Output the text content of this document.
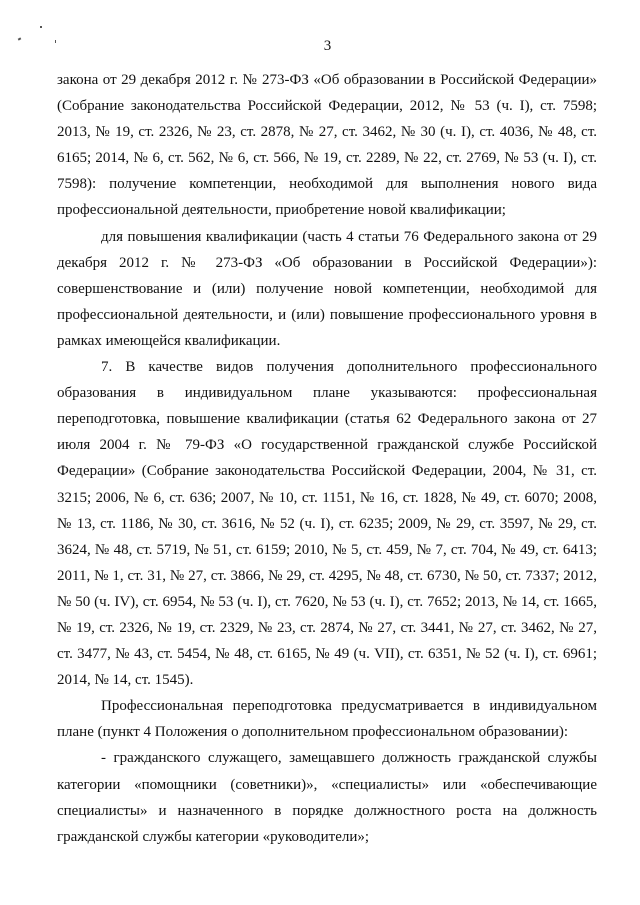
3

закона от 29 декабря 2012 г. № 273-ФЗ «Об образовании в Российской Федерации» (Собрание законодательства Российской Федерации, 2012, № 53 (ч. I), ст. 7598; 2013, № 19, ст. 2326, № 23, ст. 2878, № 27, ст. 3462, № 30 (ч. I), ст. 4036, № 48, ст. 6165; 2014, № 6, ст. 562, № 6, ст. 566, № 19, ст. 2289, № 22, ст. 2769, № 53 (ч. I), ст. 7598): получение компетенции, необходимой для выполнения нового вида профессиональной деятельности, приобретение новой квалификации;

для повышения квалификации (часть 4 статьи 76 Федерального закона от 29 декабря 2012 г. № 273-ФЗ «Об образовании в Российской Федерации»): совершенствование и (или) получение новой компетенции, необходимой для профессиональной деятельности, и (или) повышение профессионального уровня в рамках имеющейся квалификации.

7. В качестве видов получения дополнительного профессионального образования в индивидуальном плане указываются: профессиональная переподготовка, повышение квалификации (статья 62 Федерального закона от 27 июля 2004 г. № 79-ФЗ «О государственной гражданской службе Российской Федерации» (Собрание законодательства Российской Федерации, 2004, № 31, ст. 3215; 2006, № 6, ст. 636; 2007, № 10, ст. 1151, № 16, ст. 1828, № 49, ст. 6070; 2008, № 13, ст. 1186, № 30, ст. 3616, № 52 (ч. I), ст. 6235; 2009, № 29, ст. 3597, № 29, ст. 3624, № 48, ст. 5719, № 51, ст. 6159; 2010, № 5, ст. 459, № 7, ст. 704, № 49, ст. 6413; 2011, № 1, ст. 31, № 27, ст. 3866, № 29, ст. 4295, № 48, ст. 6730, № 50, ст. 7337; 2012, № 50 (ч. IV), ст. 6954, № 53 (ч. I), ст. 7620, № 53 (ч. I), ст. 7652; 2013, № 14, ст. 1665, № 19, ст. 2326, № 19, ст. 2329, № 23, ст. 2874, № 27, ст. 3441, № 27, ст. 3462, № 27, ст. 3477, № 43, ст. 5454, № 48, ст. 6165, № 49 (ч. VII), ст. 6351, № 52 (ч. I), ст. 6961; 2014, № 14, ст. 1545).

Профессиональная переподготовка предусматривается в индивидуальном плане (пункт 4 Положения о дополнительном профессиональном образовании):

- гражданского служащего, замещавшего должность гражданской службы категории «помощники (советники)», «специалисты» или «обеспечивающие специалисты» и назначенного в порядке должностного роста на должность гражданской службы категории «руководители»;
